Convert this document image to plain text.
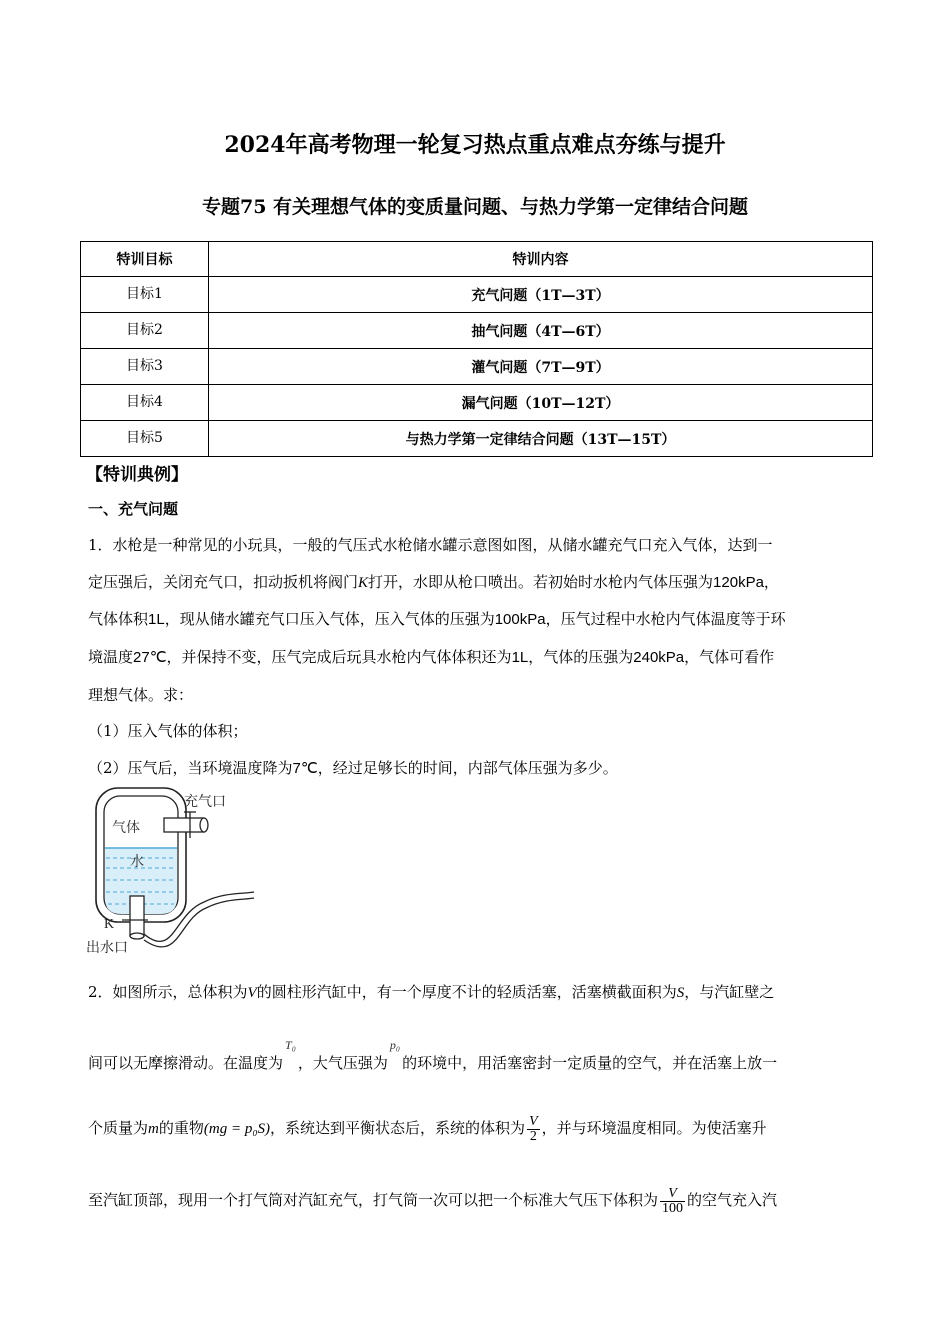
2024年高考物理一轮复习热点重点难点夯练与提升
专题75 有关理想气体的变质量问题、与热力学第一定律结合问题
特训目标	特训内容
目标1	充气问题（1T—3T）
目标2	抽气问题（4T—6T）
目标3	灌气问题（7T—9T）
目标4	漏气问题（10T—12T）
目标5	与热力学第一定律结合问题（13T—15T）
【特训典例】
一、充气问题
1．水枪是一种常见的小玩具，一般的气压式水枪储水罐示意图如图，从储水罐充气口充入气体，达到一
定压强后，关闭充气口，扣动扳机将阀门K打开，水即从枪口喷出。若初始时水枪内气体压强为120kPa，
气体体积1L，现从储水罐充气口压入气体，压入气体的压强为100kPa，压气过程中水枪内气体温度等于环
境温度27℃，并保持不变，压气完成后玩具水枪内气体体积还为1L，气体的压强为240kPa，气体可看作
理想气体。求：
（1）压入气体的体积；
（2）压气后，当环境温度降为7℃，经过足够长的时间，内部气体压强为多少。
充气口
气体
水
K
出水口
2．如图所示，总体积为V的圆柱形汽缸中，有一个厚度不计的轻质活塞，活塞横截面积为S，与汽缸壁之
间可以无摩擦滑动。在温度为T₀，大气压强为p₀的环境中，用活塞密封一定质量的空气，并在活塞上放一
个质量为m的重物(mg = p₀S)，系统达到平衡状态后，系统的体积为 $\frac{V}{2}$ ，并与环境温度相同。为使活塞升
至汽缸顶部，现用一个打气筒对汽缸充气，打气筒一次可以把一个标准大气压下体积为 $\frac{V}{100}$ 的空气充入汽
